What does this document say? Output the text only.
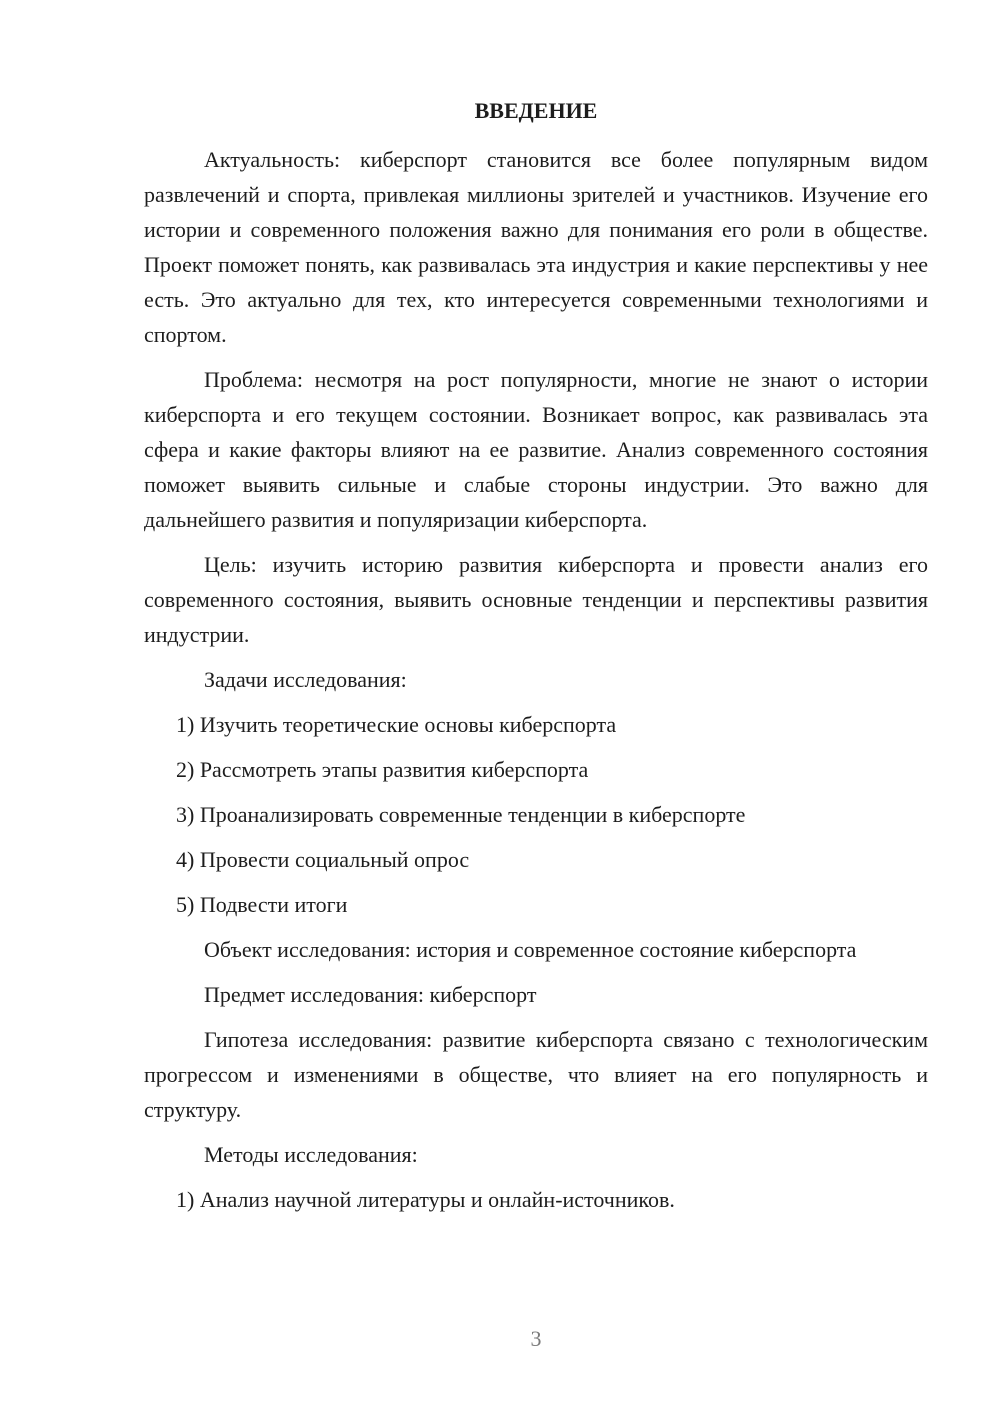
ВВЕДЕНИЕ

Актуальность: киберспорт становится все более популярным видом развлечений и спорта, привлекая миллионы зрителей и участников. Изучение его истории и современного положения важно для понимания его роли в обществе. Проект поможет понять, как развивалась эта индустрия и какие перспективы у нее есть. Это актуально для тех, кто интересуется современными технологиями и спортом.

Проблема: несмотря на рост популярности, многие не знают о истории киберспорта и его текущем состоянии. Возникает вопрос, как развивалась эта сфера и какие факторы влияют на ее развитие. Анализ современного состояния поможет выявить сильные и слабые стороны индустрии. Это важно для дальнейшего развития и популяризации киберспорта.

Цель: изучить историю развития киберспорта и провести анализ его современного состояния, выявить основные тенденции и перспективы развития индустрии.

Задачи исследования:

1) Изучить теоретические основы киберспорта

2) Рассмотреть этапы развития киберспорта

3) Проанализировать современные тенденции в киберспорте

4) Провести социальный опрос

5) Подвести итоги

Объект исследования: история и современное состояние киберспорта

Предмет исследования: киберспорт

Гипотеза исследования: развитие киберспорта связано с технологическим прогрессом и изменениями в обществе, что влияет на его популярность и структуру.

Методы исследования:

1) Анализ научной литературы и онлайн-источников.

3
